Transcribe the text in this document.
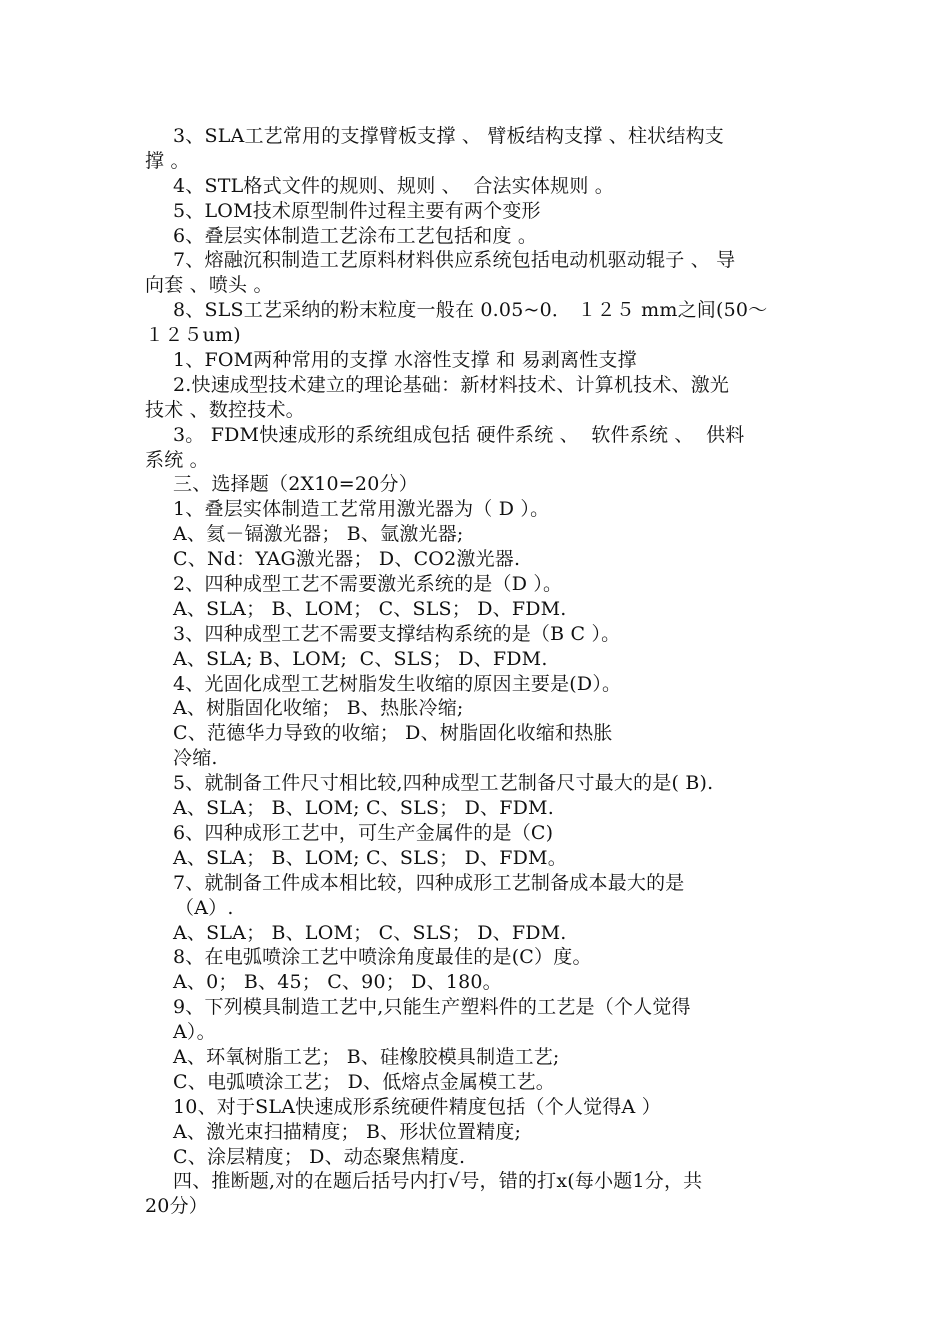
3、SLA工艺常用的支撑臂板支撑 、 臂板结构支撑 、柱状结构支
撑 。
4、STL格式文件的规则、规则 、  合法实体规则 。
5、LOM技术原型制件过程主要有两个变形
6、叠层实体制造工艺涂布工艺包括和度 。
7、熔融沉积制造工艺原料材料供应系统包括电动机驱动辊子 、 导
向套 、喷头 。
8、SLS工艺采纳的粉末粒度一般在 0.05~0． １２５ mm之间(50～
１２５um)
1、FOM两种常用的支撑 水溶性支撑 和 易剥离性支撑
2.快速成型技术建立的理论基础：新材料技术、计算机技术、激光
技术 、数控技术。
3。 FDM快速成形的系统组成包括 硬件系统 、  软件系统 、  供料
系统 。
三、选择题（2X10=20分）
1、叠层实体制造工艺常用激光器为（ D ）。
A、氦－镉激光器； B、氩激光器;
C、Nd：YAG激光器； D、CO2激光器.
2、四种成型工艺不需要激光系统的是（D ）。
A、SLA； B、LOM； C、SLS； D、FDM.
3、四种成型工艺不需要支撑结构系统的是（B C ）。
A、SLA; B、LOM;  C、SLS； D、FDM.
4、光固化成型工艺树脂发生收缩的原因主要是(D）。
A、树脂固化收缩； B、热胀冷缩;
C、范德华力导致的收缩； D、树脂固化收缩和热胀
冷缩.
5、就制备工件尺寸相比较,四种成型工艺制备尺寸最大的是( B).
A、SLA； B、LOM; C、SLS； D、FDM.
6、四种成形工艺中，可生产金属件的是（C)
A、SLA； B、LOM; C、SLS； D、FDM。
7、就制备工件成本相比较，四种成形工艺制备成本最大的是
（A）.
A、SLA； B、LOM； C、SLS； D、FDM.
8、在电弧喷涂工艺中喷涂角度最佳的是(C）度。
A、0； B、45； C、90； D、180。
9、下列模具制造工艺中,只能生产塑料件的工艺是（个人觉得
A）。
A、环氧树脂工艺； B、硅橡胶模具制造工艺;
C、电弧喷涂工艺； D、低熔点金属模工艺。
10、对于SLA快速成形系统硬件精度包括（个人觉得A ）
A、激光束扫描精度； B、形状位置精度;
C、涂层精度； D、动态聚焦精度.
四、推断题,对的在题后括号内打√号，错的打x(每小题1分，共
20分）
